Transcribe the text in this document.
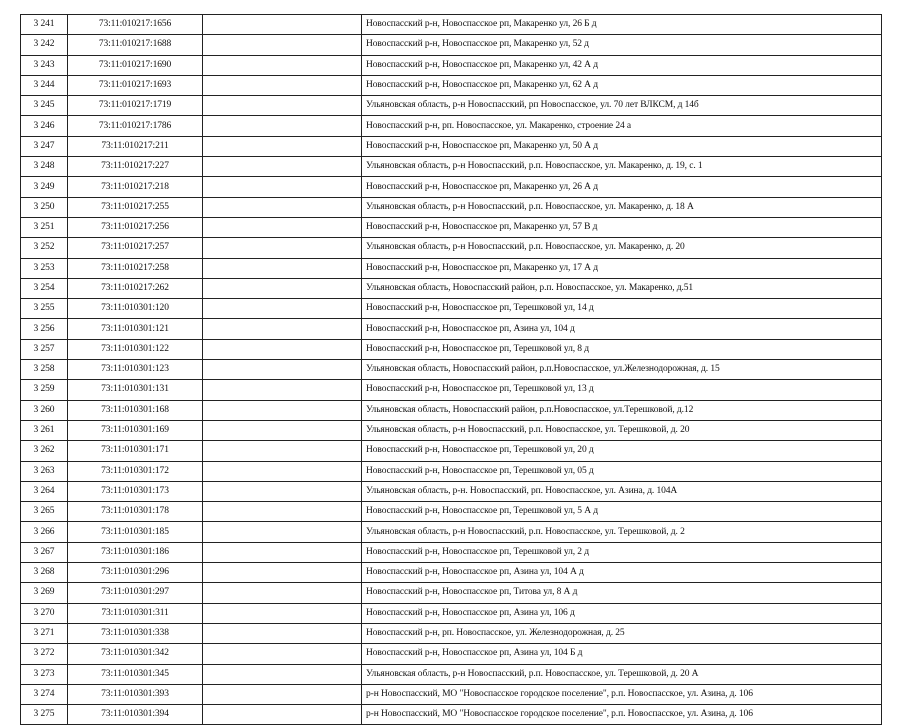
3 241	73:11:010217:1656		Новоспасский р-н, Новоспасское рп, Макаренко ул, 26 Б д
3 242	73:11:010217:1688		Новоспасский р-н, Новоспасское рп, Макаренко ул, 52 д
3 243	73:11:010217:1690		Новоспасский р-н, Новоспасское рп, Макаренко ул, 42 А д
3 244	73:11:010217:1693		Новоспасский р-н, Новоспасское рп, Макаренко ул, 62 А д
3 245	73:11:010217:1719		Ульяновская область, р-н Новоспасский, рп Новоспасское, ул. 70 лет ВЛКСМ, д 14б
3 246	73:11:010217:1786		Новоспасский р-н, рп. Новоспасское, ул. Макаренко, строение 24 а
3 247	73:11:010217:211		Новоспасский р-н, Новоспасское рп, Макаренко ул, 50 А д
3 248	73:11:010217:227		Ульяновская область, р-н Новоспасский, р.п. Новоспасское, ул. Макаренко, д. 19, с. 1
3 249	73:11:010217:218		Новоспасский р-н, Новоспасское рп, Макаренко ул, 26 А д
3 250	73:11:010217:255		Ульяновская область, р-н Новоспасский, р.п. Новоспасское, ул. Макаренко, д. 18 А
3 251	73:11:010217:256		Новоспасский р-н, Новоспасское рп, Макаренко ул, 57 В д
3 252	73:11:010217:257		Ульяновская область, р-н Новоспасский, р.п. Новоспасское, ул. Макаренко, д. 20
3 253	73:11:010217:258		Новоспасский р-н, Новоспасское рп, Макаренко ул, 17 А д
3 254	73:11:010217:262		Ульяновская область, Новоспасский район, р.п. Новоспасское, ул. Макаренко, д.51
3 255	73:11:010301:120		Новоспасский р-н, Новоспасское рп, Терешковой ул, 14 д
3 256	73:11:010301:121		Новоспасский р-н, Новоспасское рп, Азина ул, 104 д
3 257	73:11:010301:122		Новоспасский р-н, Новоспасское рп, Терешковой ул, 8 д
3 258	73:11:010301:123		Ульяновская область, Новоспасский район, р.п.Новоспасское, ул.Железнодорожная, д. 15
3 259	73:11:010301:131		Новоспасский р-н, Новоспасское рп, Терешковой ул, 13 д
3 260	73:11:010301:168		Ульяновская область, Новоспасский район, р.п.Новоспасское, ул.Терешковой, д.12
3 261	73:11:010301:169		Ульяновская область, р-н Новоспасский, р.п. Новоспасское, ул. Терешковой, д. 20
3 262	73:11:010301:171		Новоспасский р-н, Новоспасское рп, Терешковой ул, 20 д
3 263	73:11:010301:172		Новоспасский р-н, Новоспасское рп, Терешковой ул, 05 д
3 264	73:11:010301:173		Ульяновская область, р-н. Новоспасский, рп. Новоспасское, ул. Азина, д. 104А
3 265	73:11:010301:178		Новоспасский р-н, Новоспасское рп, Терешковой ул, 5 А д
3 266	73:11:010301:185		Ульяновская область, р-н Новоспасский, р.п. Новоспасское, ул. Терешковой, д. 2
3 267	73:11:010301:186		Новоспасский р-н, Новоспасское рп, Терешковой ул, 2 д
3 268	73:11:010301:296		Новоспасский р-н, Новоспасское рп, Азина ул, 104 А д
3 269	73:11:010301:297		Новоспасский р-н, Новоспасское рп, Титова ул, 8 А д
3 270	73:11:010301:311		Новоспасский р-н, Новоспасское рп, Азина ул, 106 д
3 271	73:11:010301:338		Новоспасский р-н, рп. Новоспасское, ул. Железнодорожная, д. 25
3 272	73:11:010301:342		Новоспасский р-н, Новоспасское рп, Азина ул, 104 Б д
3 273	73:11:010301:345		Ульяновская область, р-н Новоспасский, р.п. Новоспасское, ул. Терешковой, д. 20 А
3 274	73:11:010301:393		р-н Новоспасский, МО "Новоспасское городское поселение", р.п. Новоспасское, ул. Азина, д. 106
3 275	73:11:010301:394		р-н Новоспасский, МО "Новоспасское городское поселение", р.п. Новоспасское, ул. Азина, д. 106
